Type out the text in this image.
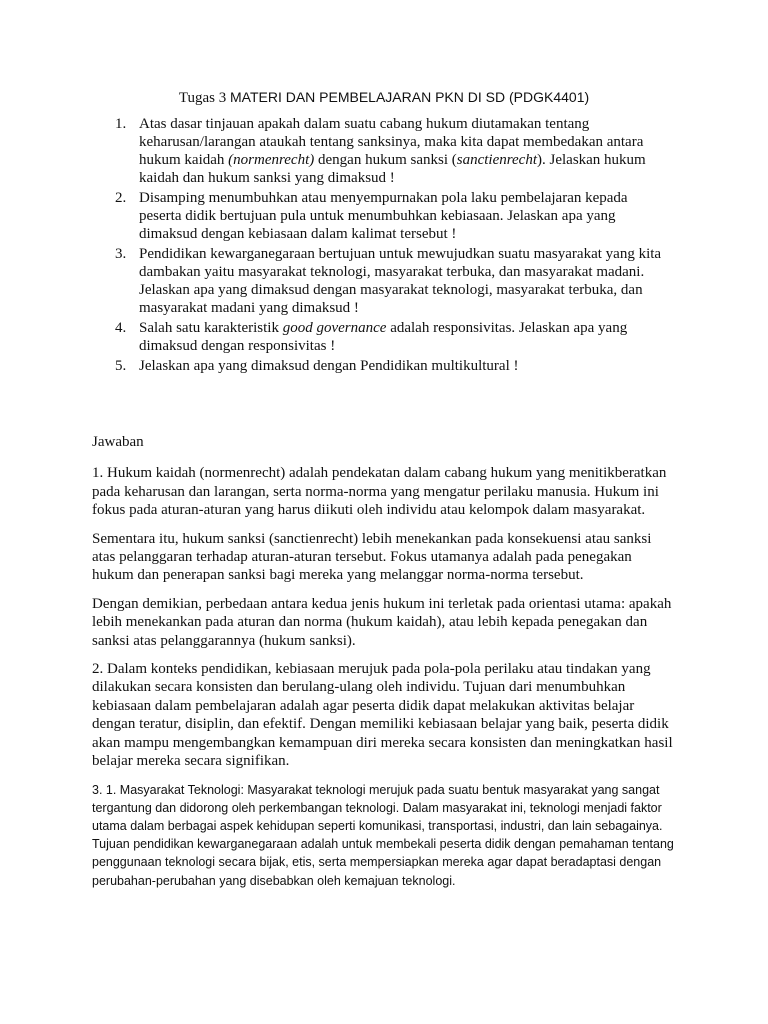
Tugas 3 MATERI DAN PEMBELAJARAN PKN DI SD (PDGK4401)
1. Atas dasar tinjauan apakah dalam suatu cabang hukum diutamakan tentang keharusan/larangan ataukah tentang sanksinya, maka kita dapat membedakan antara hukum kaidah (normenrecht) dengan hukum sanksi (sanctienrecht). Jelaskan hukum kaidah dan hukum sanksi yang dimaksud !
2. Disamping menumbuhkan atau menyempurnakan pola laku pembelajaran kepada peserta didik bertujuan pula untuk menumbuhkan kebiasaan. Jelaskan apa yang dimaksud dengan kebiasaan dalam kalimat tersebut !
3. Pendidikan kewarganegaraan bertujuan untuk mewujudkan suatu masyarakat yang kita dambakan yaitu masyarakat teknologi, masyarakat terbuka, dan masyarakat madani. Jelaskan apa yang dimaksud dengan masyarakat teknologi, masyarakat terbuka, dan masyarakat madani yang dimaksud !
4. Salah satu karakteristik good governance adalah responsivitas. Jelaskan apa yang dimaksud dengan responsivitas !
5. Jelaskan apa yang dimaksud dengan Pendidikan multikultural !

Jawaban

1. Hukum kaidah (normenrecht) adalah pendekatan dalam cabang hukum yang menitikberatkan pada keharusan dan larangan, serta norma-norma yang mengatur perilaku manusia. Hukum ini fokus pada aturan-aturan yang harus diikuti oleh individu atau kelompok dalam masyarakat.

Sementara itu, hukum sanksi (sanctienrecht) lebih menekankan pada konsekuensi atau sanksi atas pelanggaran terhadap aturan-aturan tersebut. Fokus utamanya adalah pada penegakan hukum dan penerapan sanksi bagi mereka yang melanggar norma-norma tersebut.

Dengan demikian, perbedaan antara kedua jenis hukum ini terletak pada orientasi utama: apakah lebih menekankan pada aturan dan norma (hukum kaidah), atau lebih kepada penegakan dan sanksi atas pelanggarannya (hukum sanksi).

2. Dalam konteks pendidikan, kebiasaan merujuk pada pola-pola perilaku atau tindakan yang dilakukan secara konsisten dan berulang-ulang oleh individu. Tujuan dari menumbuhkan kebiasaan dalam pembelajaran adalah agar peserta didik dapat melakukan aktivitas belajar dengan teratur, disiplin, dan efektif. Dengan memiliki kebiasaan belajar yang baik, peserta didik akan mampu mengembangkan kemampuan diri mereka secara konsisten dan meningkatkan hasil belajar mereka secara signifikan.

3. 1. Masyarakat Teknologi: Masyarakat teknologi merujuk pada suatu bentuk masyarakat yang sangat tergantung dan didorong oleh perkembangan teknologi. Dalam masyarakat ini, teknologi menjadi faktor utama dalam berbagai aspek kehidupan seperti komunikasi, transportasi, industri, dan lain sebagainya. Tujuan pendidikan kewarganegaraan adalah untuk membekali peserta didik dengan pemahaman tentang penggunaan teknologi secara bijak, etis, serta mempersiapkan mereka agar dapat beradaptasi dengan perubahan-perubahan yang disebabkan oleh kemajuan teknologi.
